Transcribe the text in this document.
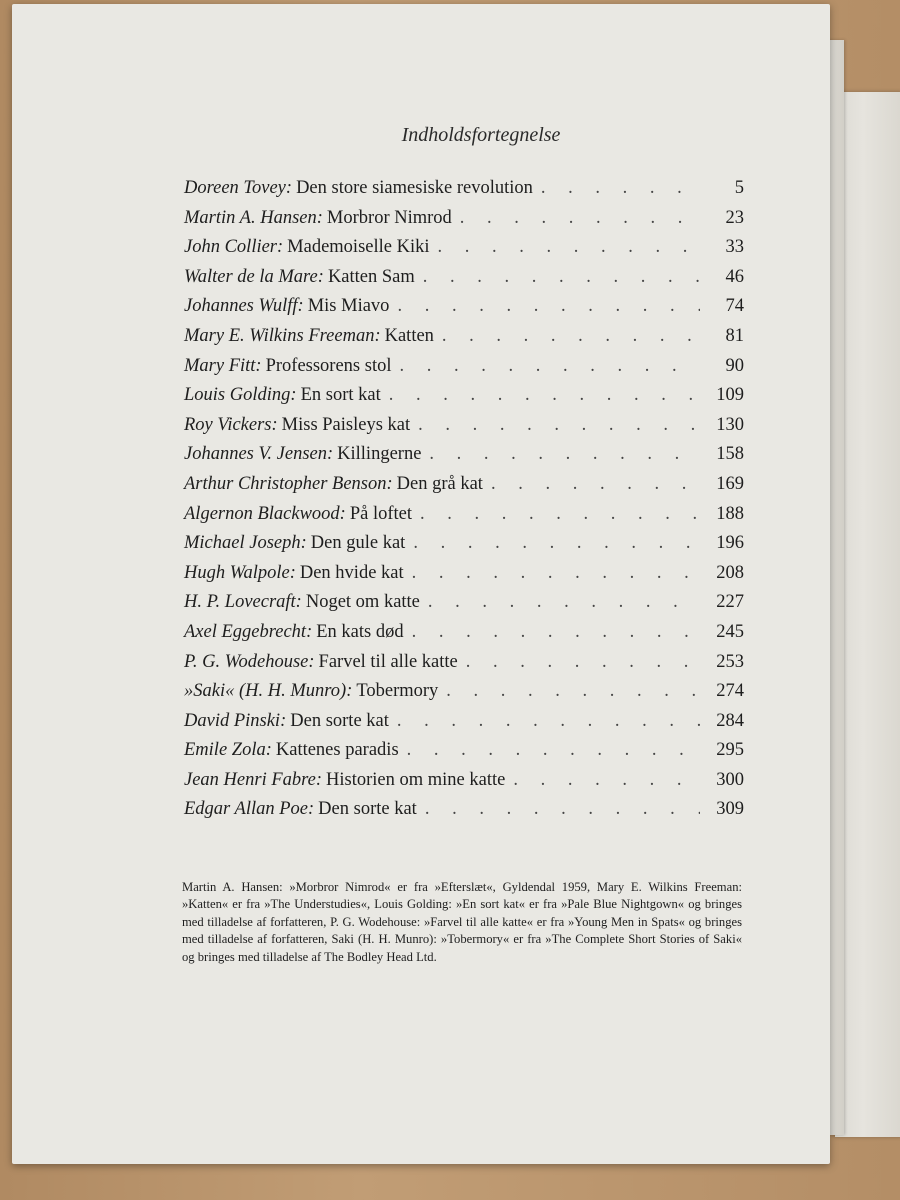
Indholdsfortegnelse
Doreen Tovey: Den store siamesiske revolution . . .	5
Martin A. Hansen: Morbror Nimrod . . .	23
John Collier: Mademoiselle Kiki . . .	33
Walter de la Mare: Katten Sam . . .	46
Johannes Wulff: Mis Miavo . . .	74
Mary E. Wilkins Freeman: Katten . . .	81
Mary Fitt: Professorens stol . . .	90
Louis Golding: En sort kat . . .	109
Roy Vickers: Miss Paisleys kat . . .	130
Johannes V. Jensen: Killingerne . . .	158
Arthur Christopher Benson: Den grå kat . . .	169
Algernon Blackwood: På loftet . . .	188
Michael Joseph: Den gule kat . . .	196
Hugh Walpole: Den hvide kat . . .	208
H. P. Lovecraft: Noget om katte . . .	227
Axel Eggebrecht: En kats død . . .	245
P. G. Wodehouse: Farvel til alle katte . . .	253
»Saki« (H. H. Munro): Tobermory . . .	274
David Pinski: Den sorte kat . . .	284
Emile Zola: Kattenes paradis . . .	295
Jean Henri Fabre: Historien om mine katte . . .	300
Edgar Allan Poe: Den sorte kat . . .	309

Martin A. Hansen: »Morbror Nimrod« er fra »Efterslæt«, Gyldendal 1959, Mary E. Wilkins Freeman: »Katten« er fra »The Understudies«, Louis Golding: »En sort kat« er fra »Pale Blue Nightgown« og bringes med tilladelse af forfatteren, P. G. Wodehouse: »Farvel til alle katte« er fra »Young Men in Spats« og bringes med tilladelse af forfatteren, Saki (H. H. Munro): »Tobermory« er fra »The Complete Short Stories of Saki« og bringes med tilladelse af The Bodley Head Ltd.
